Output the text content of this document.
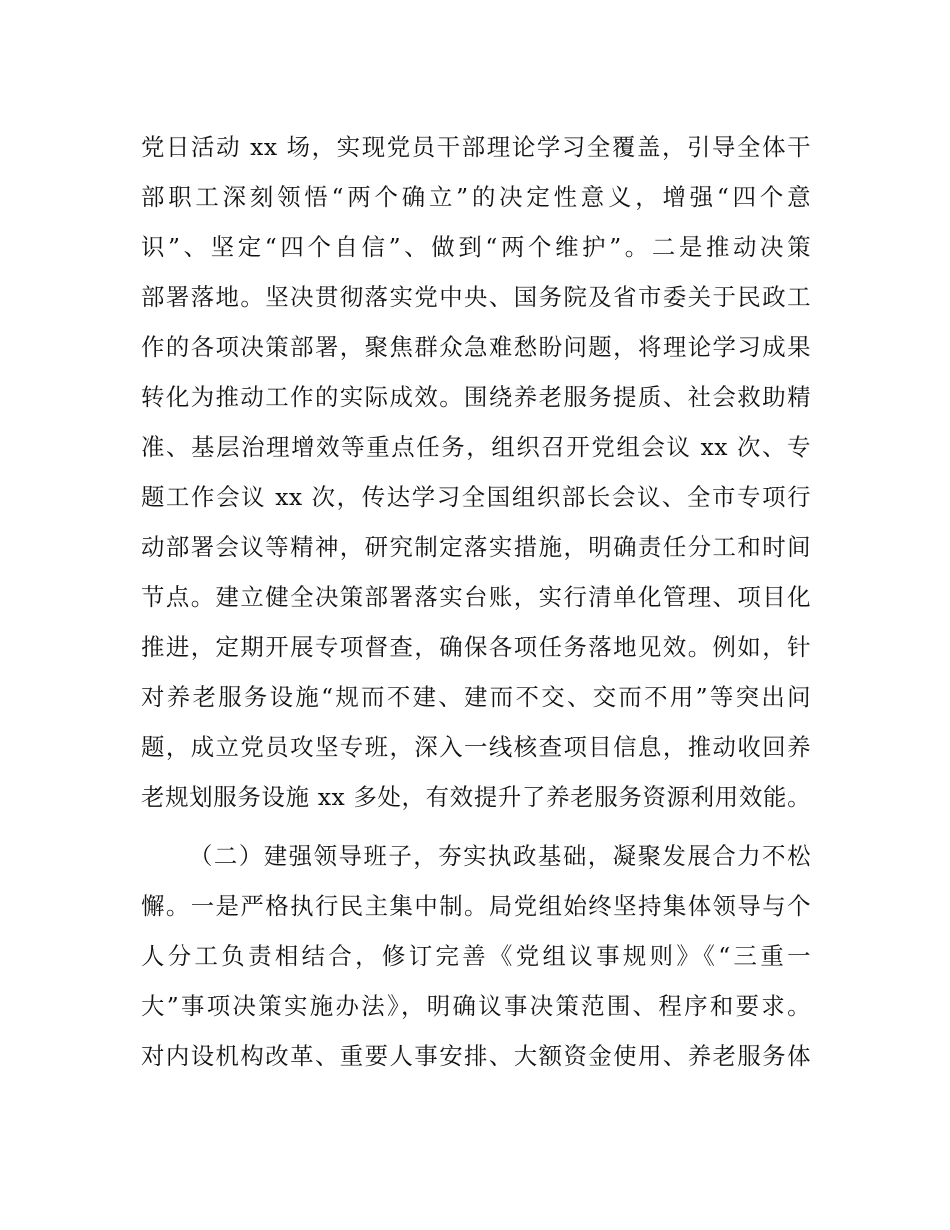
党日活动 xx 场，实现党员干部理论学习全覆盖，引导全体干
部职工深刻领悟“两个确立”的决定性意义，增强“四个意
识”、坚定“四个自信”、做到“两个维护”。二是推动决策
部署落地。坚决贯彻落实党中央、国务院及省市委关于民政工
作的各项决策部署，聚焦群众急难愁盼问题，将理论学习成果
转化为推动工作的实际成效。围绕养老服务提质、社会救助精
准、基层治理增效等重点任务，组织召开党组会议 xx 次、专
题工作会议 xx 次，传达学习全国组织部长会议、全市专项行
动部署会议等精神，研究制定落实措施，明确责任分工和时间
节点。建立健全决策部署落实台账，实行清单化管理、项目化
推进，定期开展专项督查，确保各项任务落地见效。例如，针
对养老服务设施“规而不建、建而不交、交而不用”等突出问
题，成立党员攻坚专班，深入一线核查项目信息，推动收回养
老规划服务设施 xx 多处，有效提升了养老服务资源利用效能。
（二）建强领导班子，夯实执政基础，凝聚发展合力不松
懈。一是严格执行民主集中制。局党组始终坚持集体领导与个
人分工负责相结合，修订完善《党组议事规则》《“三重一
大”事项决策实施办法》，明确议事决策范围、程序和要求。
对内设机构改革、重要人事安排、大额资金使用、养老服务体
